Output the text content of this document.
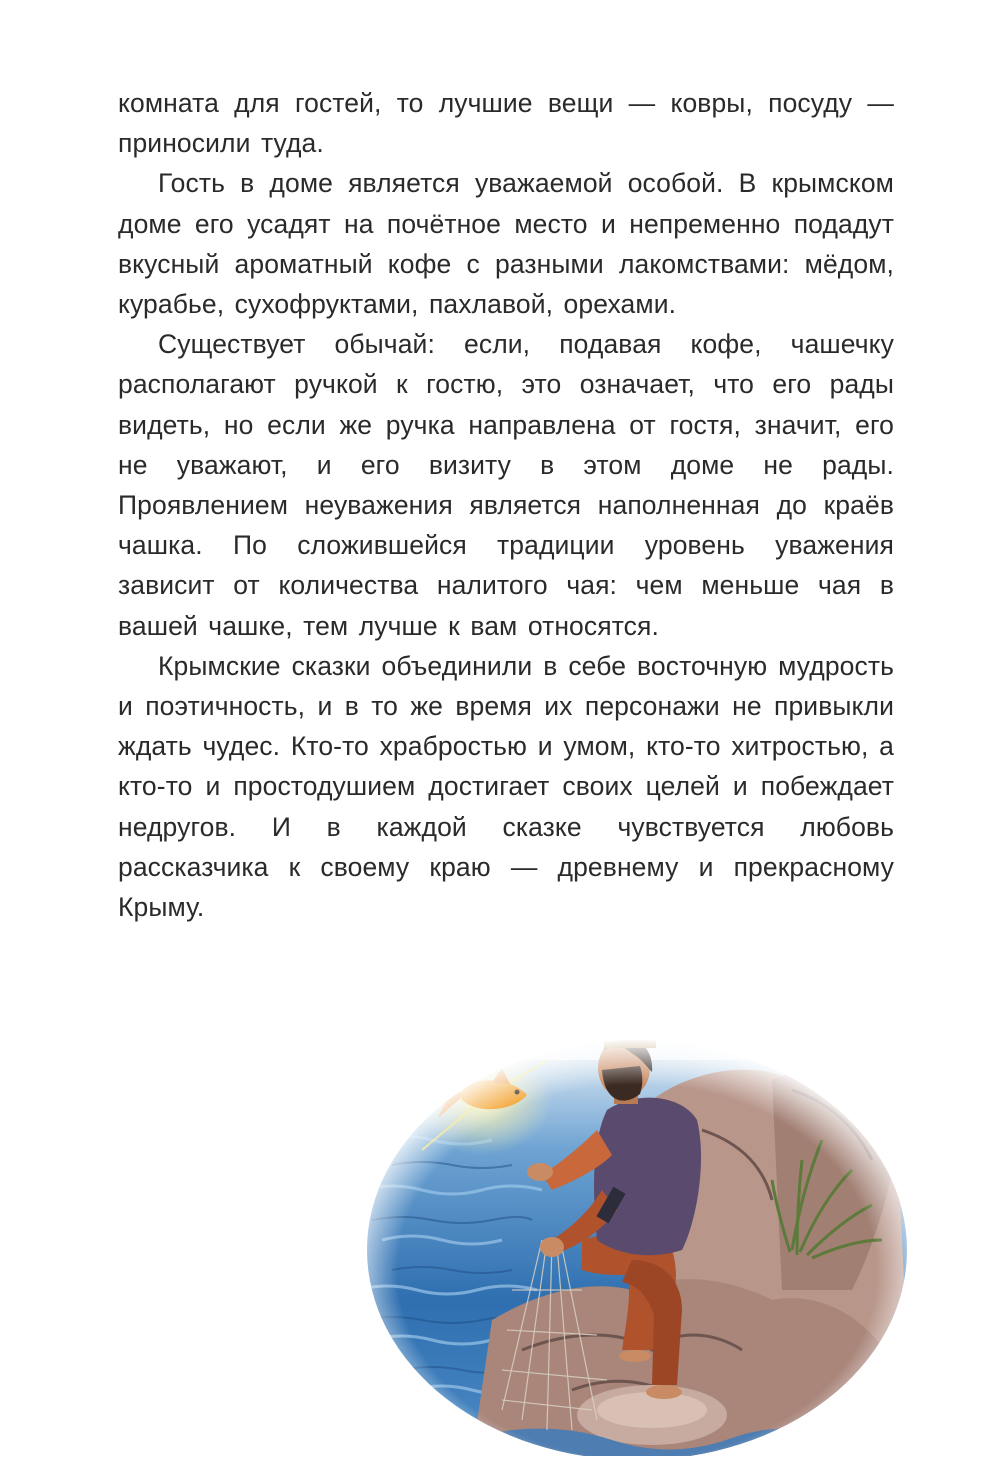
комната для гостей, то лучшие вещи — ковры, посуду — приносили туда.

Гость в доме является уважаемой особой. В крымском доме его усадят на почётное место и непременно подадут вкусный ароматный кофе с разными лакомствами: мёдом, курабье, сухофруктами, пахлавой, орехами.

Существует обычай: если, подавая кофе, чашечку располагают ручкой к гостю, это означает, что его рады видеть, но если же ручка направлена от гостя, значит, его не уважают, и его визиту в этом доме не рады. Проявлением неуважения является наполненная до краёв чашка. По сложившейся традиции уровень уважения зависит от количества налитого чая: чем меньше чая в вашей чашке, тем лучше к вам относятся.

Крымские сказки объединили в себе восточную мудрость и поэтичность, и в то же время их персонажи не привыкли ждать чудес. Кто-то храбростью и умом, кто-то хитростью, а кто-то и простодушием достигает своих целей и побеждает недругов. И в каждой сказке чувствуется любовь рассказчика к своему краю — древнему и прекрасному Крыму.
